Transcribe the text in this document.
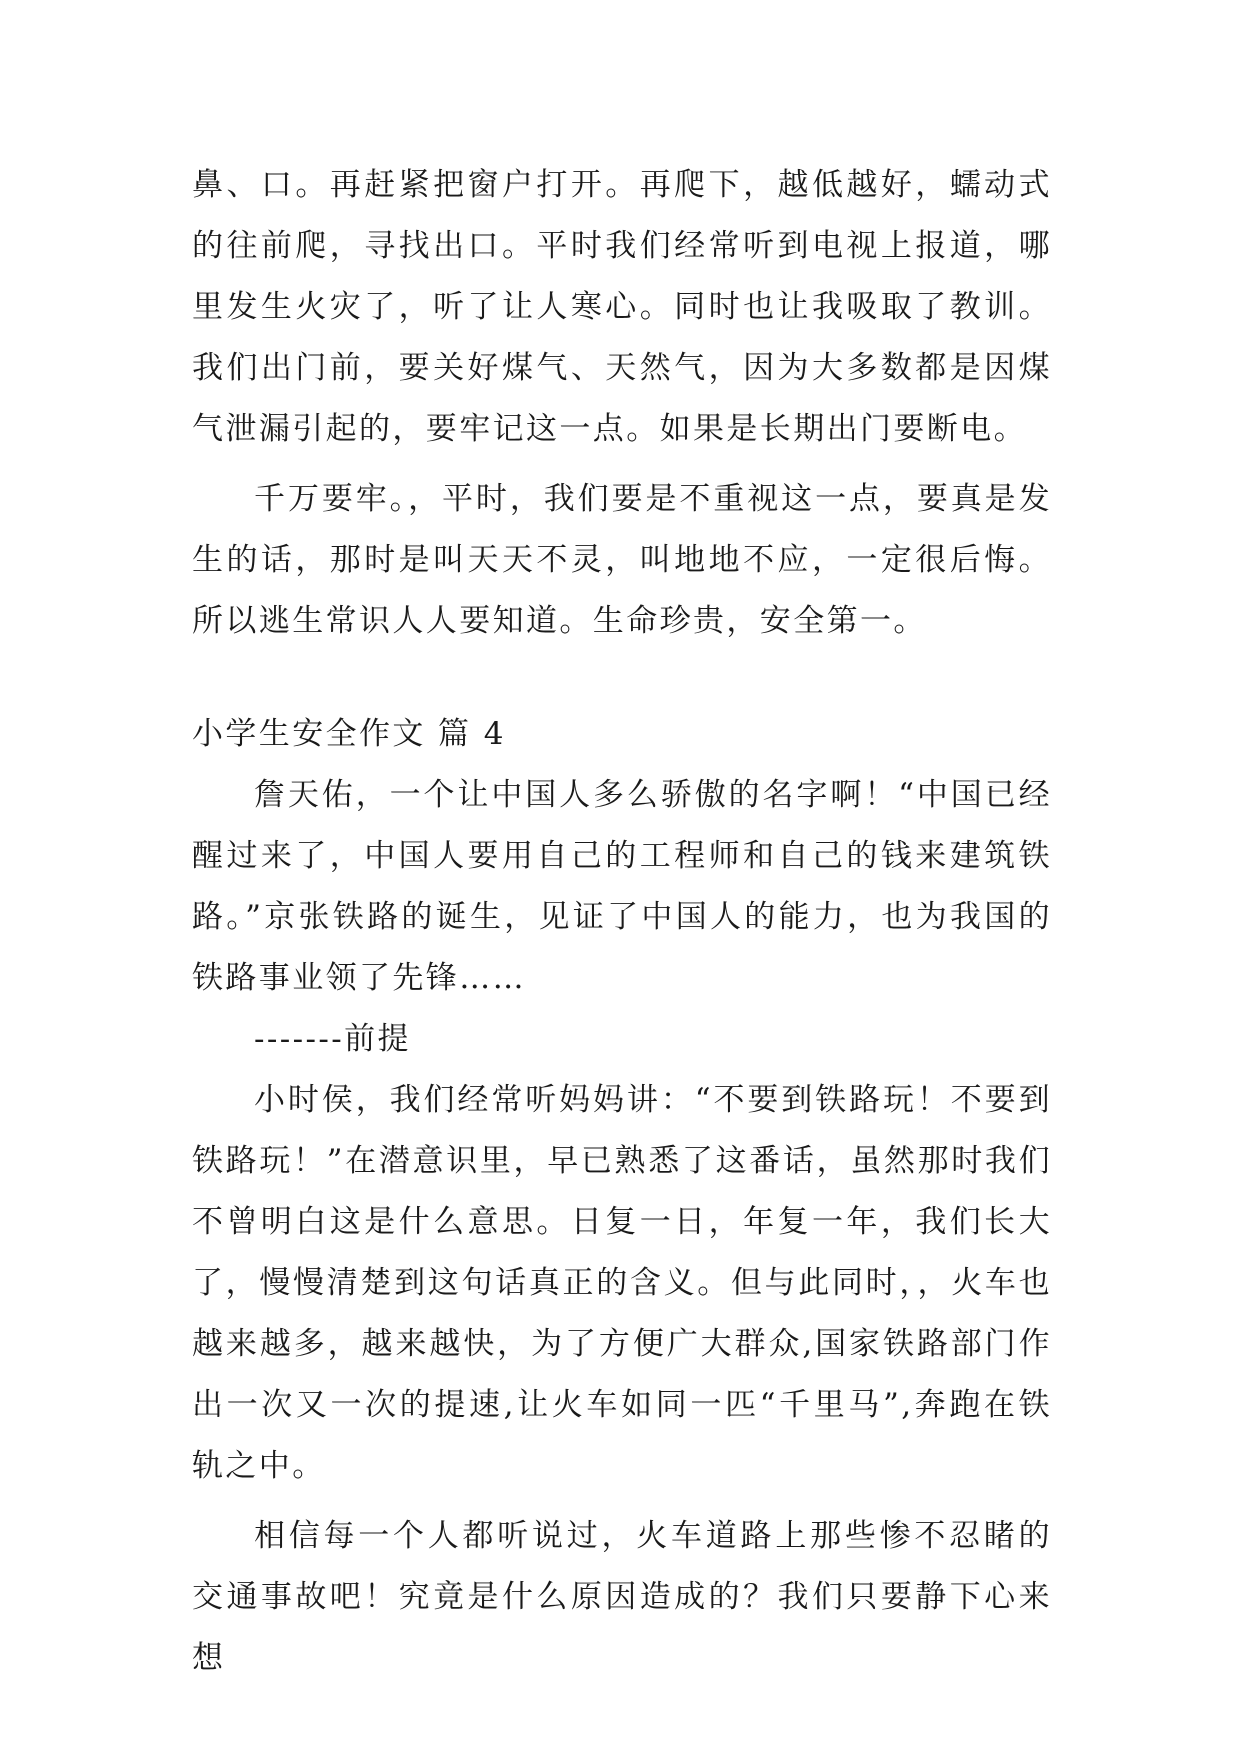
鼻、口。再赶紧把窗户打开。再爬下，越低越好，蠕动式的往前爬，寻找出口。平时我们经常听到电视上报道，哪里发生火灾了，听了让人寒心。同时也让我吸取了教训。我们出门前，要关好煤气、天然气，因为大多数都是因煤气泄漏引起的，要牢记这一点。如果是长期出门要断电。

千万要牢。，平时，我们要是不重视这一点，要真是发生的话，那时是叫天天不灵，叫地地不应，一定很后悔。所以逃生常识人人要知道。生命珍贵，安全第一。

小学生安全作文 篇 4

詹天佑，一个让中国人多么骄傲的名字啊！“中国已经醒过来了，中国人要用自己的工程师和自己的钱来建筑铁路。”京张铁路的诞生，见证了中国人的能力，也为我国的铁路事业领了先锋……

-------前提

小时侯，我们经常听妈妈讲：“不要到铁路玩！不要到铁路玩！”在潜意识里，早已熟悉了这番话，虽然那时我们不曾明白这是什么意思。日复一日，年复一年，我们长大了，慢慢清楚到这句话真正的含义。但与此同时，，火车也越来越多，越来越快，为了方便广大群众,国家铁路部门作出一次又一次的提速,让火车如同一匹“千里马”,奔跑在铁轨之中。

相信每一个人都听说过，火车道路上那些惨不忍睹的交通事故吧！究竟是什么原因造成的？我们只要静下心来想
